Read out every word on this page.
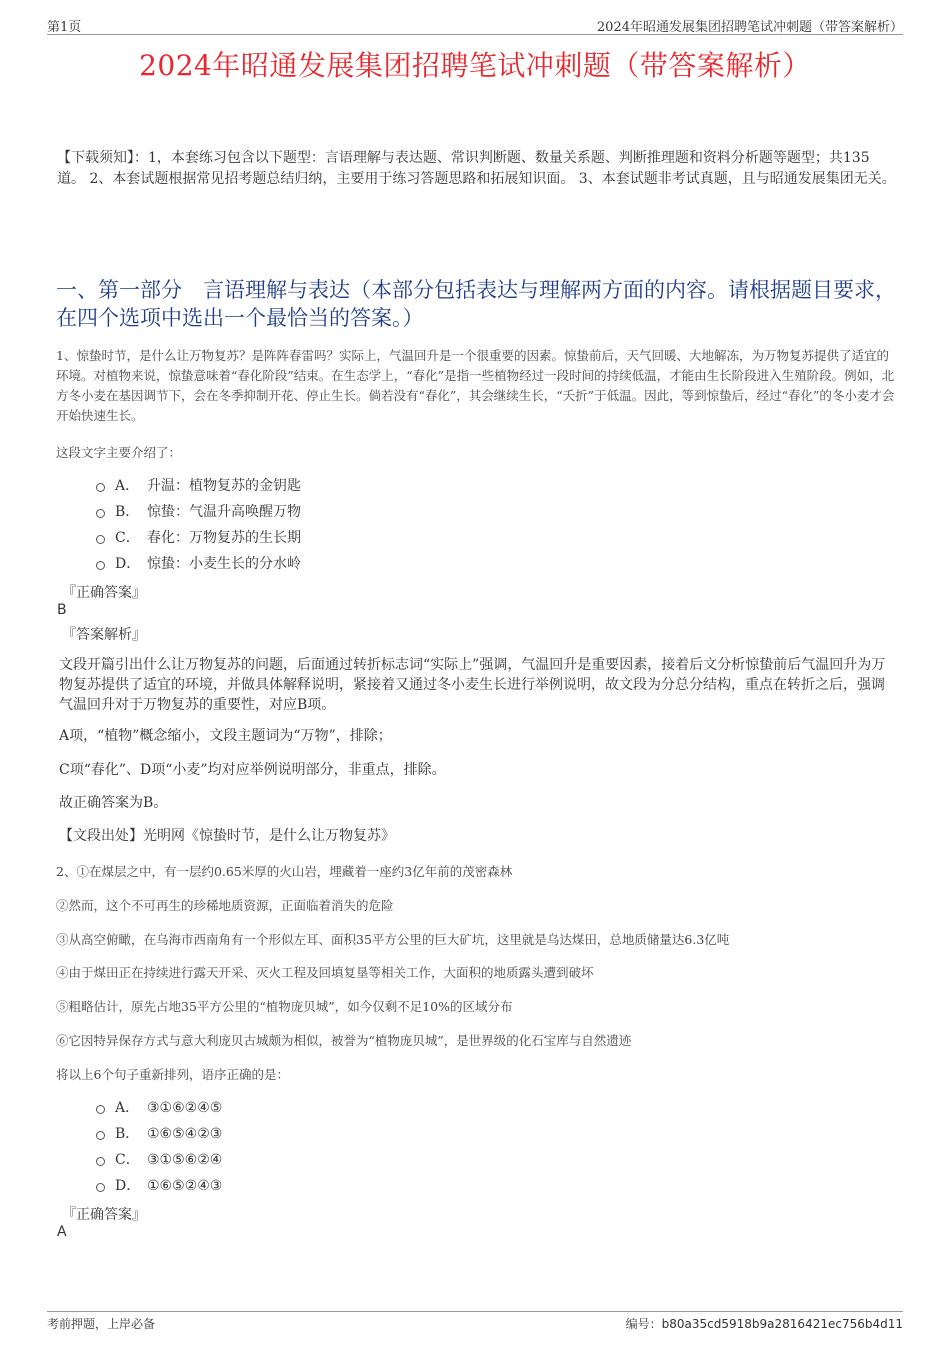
第1页	2024年昭通发展集团招聘笔试冲刺题（带答案解析）
2024年昭通发展集团招聘笔试冲刺题（带答案解析）
【下载须知】：1，本套练习包含以下题型：言语理解与表达题、常识判断题、数量关系题、判断推理题和资料分析题等题型；共135道。 2、本套试题根据常见招考题总结归纳，主要用于练习答题思路和拓展知识面。 3、本套试题非考试真题，且与昭通发展集团无关。
一、第一部分　言语理解与表达（本部分包括表达与理解两方面的内容。请根据题目要求，在四个选项中选出一个最恰当的答案。）
1、惊蛰时节，是什么让万物复苏？是阵阵春雷吗？实际上，气温回升是一个很重要的因素。惊蛰前后，天气回暖、大地解冻，为万物复苏提供了适宜的环境。对植物来说，惊蛰意味着“春化阶段”结束。在生态学上，“春化”是指一些植物经过一段时间的持续低温，才能由生长阶段进入生殖阶段。例如，北方冬小麦在基因调节下，会在冬季抑制开花、停止生长。倘若没有“春化”，其会继续生长，“夭折”于低温。因此，等到惊蛰后，经过“春化”的冬小麦才会开始快速生长。
这段文字主要介绍了：
A． 升温：植物复苏的金钥匙
B． 惊蛰：气温升高唤醒万物
C． 春化：万物复苏的生长期
D． 惊蛰：小麦生长的分水岭
『正确答案』
B
『答案解析』
文段开篇引出什么让万物复苏的问题，后面通过转折标志词“实际上”强调，气温回升是重要因素，接着后文分析惊蛰前后气温回升为万物复苏提供了适宜的环境，并做具体解释说明，紧接着又通过冬小麦生长进行举例说明，故文段为分总分结构，重点在转折之后，强调气温回升对于万物复苏的重要性，对应B项。
A项，“植物”概念缩小，文段主题词为“万物”，排除；
C项“春化”、D项“小麦”均对应举例说明部分，非重点，排除。
故正确答案为B。
【文段出处】光明网《惊蛰时节，是什么让万物复苏》
2、①在煤层之中，有一层约0.65米厚的火山岩，埋藏着一座约3亿年前的茂密森林
②然而，这个不可再生的珍稀地质资源，正面临着消失的危险
③从高空俯瞰，在乌海市西南角有一个形似左耳、面积35平方公里的巨大矿坑，这里就是乌达煤田，总地质储量达6.3亿吨
④由于煤田正在持续进行露天开采、灭火工程及回填复垦等相关工作，大面积的地质露头遭到破坏
⑤粗略估计，原先占地35平方公里的“植物庞贝城”，如今仅剩不足10%的区域分布
⑥它因特异保存方式与意大利庞贝古城颇为相似，被誉为“植物庞贝城”，是世界级的化石宝库与自然遗迹
将以上6个句子重新排列，语序正确的是：
A． ③①⑥②④⑤
B． ①⑥⑤④②③
C． ③①⑤⑥②④
D． ①⑥⑤②④③
『正确答案』
A
考前押题，上岸必备	编号：b80a35cd5918b9a2816421ec756b4d11
